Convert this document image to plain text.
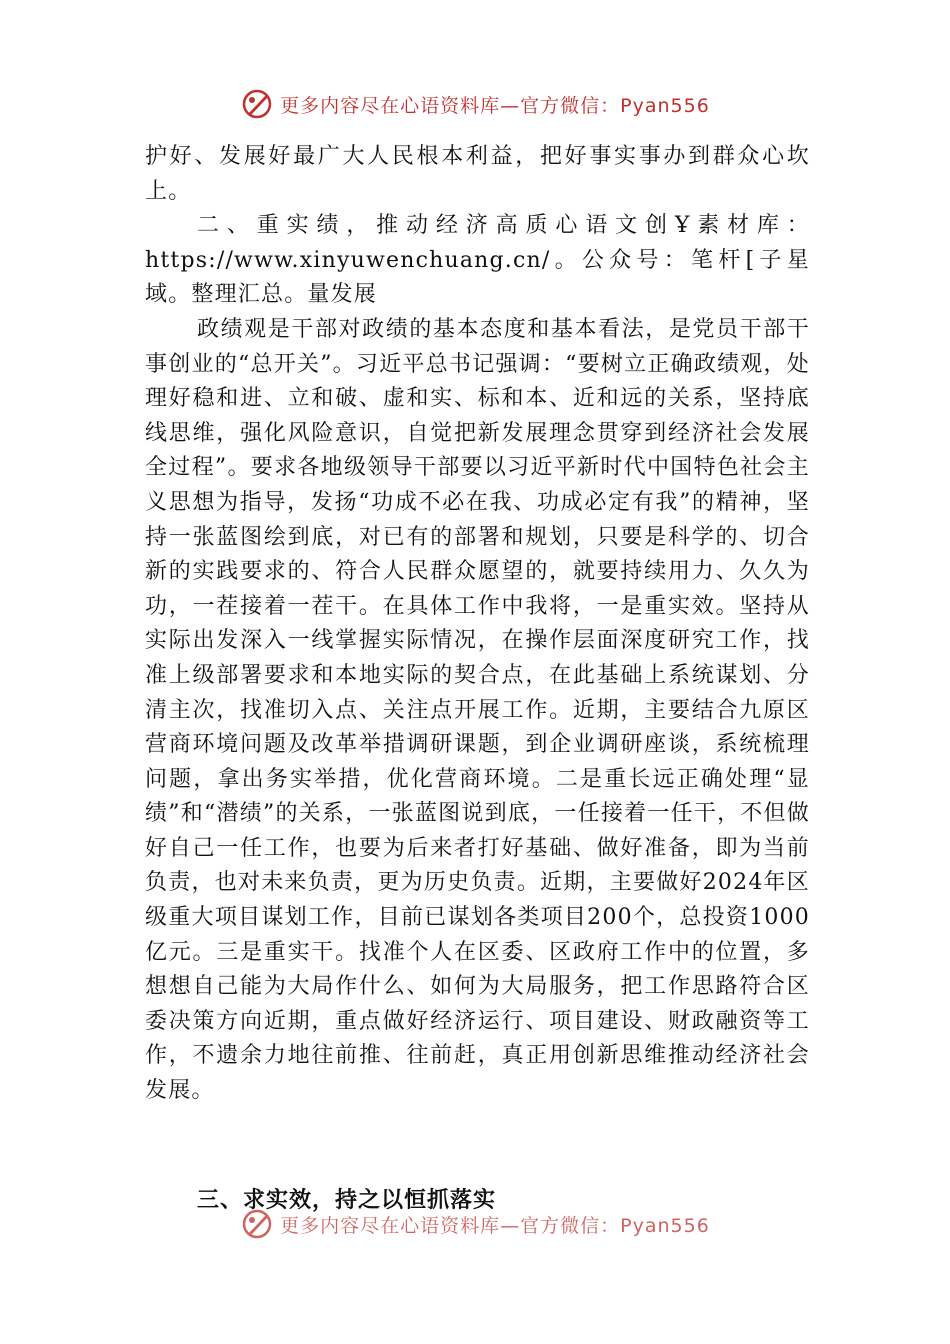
更多内容尽在心语资料库—官方微信：Pyan556

护好、发展好最广大人民根本利益，把好事实事办到群众心坎上。

二、重实绩，推动经济高质心语文创Ұ素材库：https://www.xinyuwenchuang.cn/。公众号：笔杆[子星域。整理汇总。量发展

政绩观是干部对政绩的基本态度和基本看法，是党员干部干事创业的“总开关”。习近平总书记强调：“要树立正确政绩观，处理好稳和进、立和破、虚和实、标和本、近和远的关系，坚持底线思维，强化风险意识，自觉把新发展理念贯穿到经济社会发展全过程”。要求各地级领导干部要以习近平新时代中国特色社会主义思想为指导，发扬“功成不必在我、功成必定有我”的精神，坚持一张蓝图绘到底，对已有的部署和规划，只要是科学的、切合新的实践要求的、符合人民群众愿望的，就要持续用力、久久为功，一茬接着一茬干。在具体工作中我将，一是重实效。坚持从实际出发深入一线掌握实际情况，在操作层面深度研究工作，找准上级部署要求和本地实际的契合点，在此基础上系统谋划、分清主次，找准切入点、关注点开展工作。近期，主要结合九原区营商环境问题及改革举措调研课题，到企业调研座谈，系统梳理问题，拿出务实举措，优化营商环境。二是重长远正确处理“显绩”和“潜绩”的关系，一张蓝图说到底，一任接着一任干，不但做好自己一任工作，也要为后来者打好基础、做好准备，即为当前负责，也对未来负责，更为历史负责。近期，主要做好2024年区级重大项目谋划工作，目前已谋划各类项目200个，总投资1000亿元。三是重实干。找准个人在区委、区政府工作中的位置，多想想自己能为大局作什么、如何为大局服务，把工作思路符合区委决策方向近期，重点做好经济运行、项目建设、财政融资等工作，不遗余力地往前推、往前赶，真正用创新思维推动经济社会发展。

三、求实效，持之以恒抓落实
更多内容尽在心语资料库—官方微信：Pyan556
